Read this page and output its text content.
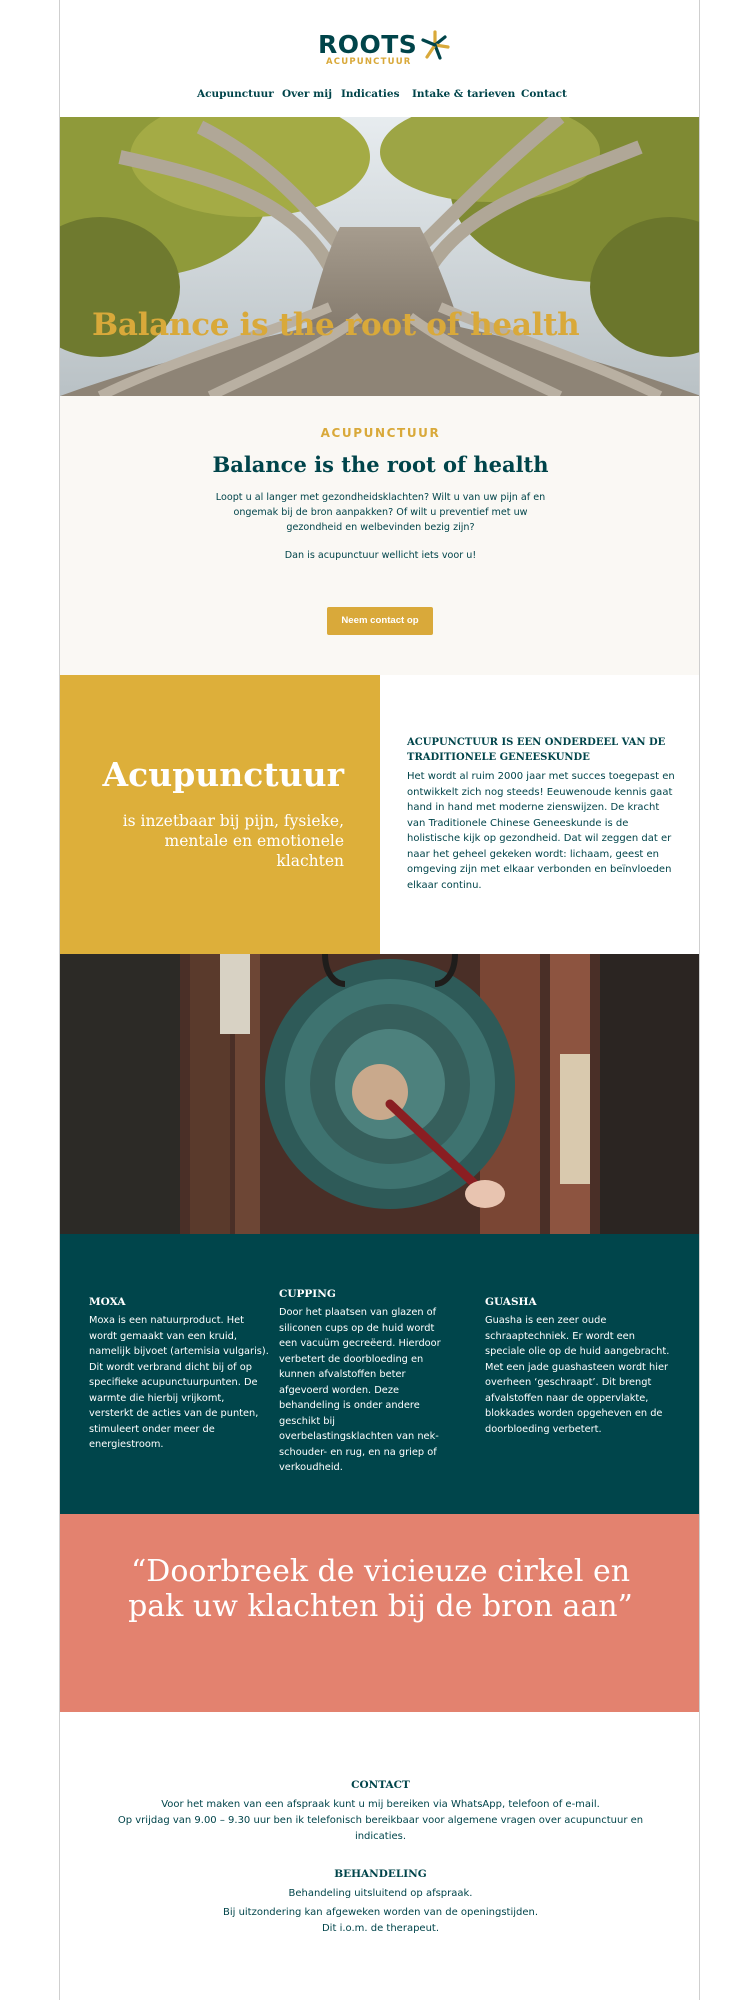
ROOTS
ACUPUNCTUUR
Acupunctuur Over mij Indicaties Intake & tarieven Contact
Balance is the root of health
ACUPUNCTUUR
Balance is the root of health
Loopt u al langer met gezondheidsklachten? Wilt u van uw pijn af en ongemak bij de bron aanpakken? Of wilt u preventief met uw gezondheid en welbevinden bezig zijn?
Dan is acupunctuur wellicht iets voor u!
Neem contact op
Acupunctuur
is inzetbaar bij pijn, fysieke, mentale en emotionele klachten
ACUPUNCTUUR IS EEN ONDERDEEL VAN DE TRADITIONELE GENEESKUNDE
Het wordt al ruim 2000 jaar met succes toegepast en ontwikkelt zich nog steeds! Eeuwenoude kennis gaat hand in hand met moderne zienswijzen. De kracht van Traditionele Chinese Geneeskunde is de holistische kijk op gezondheid. Dat wil zeggen dat er naar het geheel gekeken wordt: lichaam, geest en omgeving zijn met elkaar verbonden en beïnvloeden elkaar continu.
MOXA
Moxa is een natuurproduct. Het wordt gemaakt van een kruid, namelijk bijvoet (artemisia vulgaris). Dit wordt verbrand dicht bij of op specifieke acupunctuurpunten. De warmte die hierbij vrijkomt, versterkt de acties van de punten, stimuleert onder meer de energiestroom.
CUPPING
Door het plaatsen van glazen of siliconen cups op de huid wordt een vacuüm gecreëerd. Hierdoor verbetert de doorbloeding en kunnen afvalstoffen beter afgevoerd worden. Deze behandeling is onder andere geschikt bij overbelastingsklachten van nek-schouder- en rug, en na griep of verkoudheid.
GUASHA
Guasha is een zeer oude schraaptechniek. Er wordt een speciale olie op de huid aangebracht. Met een jade guashasteen wordt hier overheen ‘geschraapt’. Dit brengt afvalstoffen naar de oppervlakte, blokkades worden opgeheven en de doorbloeding verbetert.
“Doorbreek de vicieuze cirkel en pak uw klachten bij de bron aan”
CONTACT
Voor het maken van een afspraak kunt u mij bereiken via WhatsApp, telefoon of e-mail.
Op vrijdag van 9.00 – 9.30 uur ben ik telefonisch bereikbaar voor algemene vragen over acupunctuur en indicaties.
BEHANDELING
Behandeling uitsluitend op afspraak.
Bij uitzondering kan afgeweken worden van de openingstijden.
Dit i.o.m. de therapeut.
